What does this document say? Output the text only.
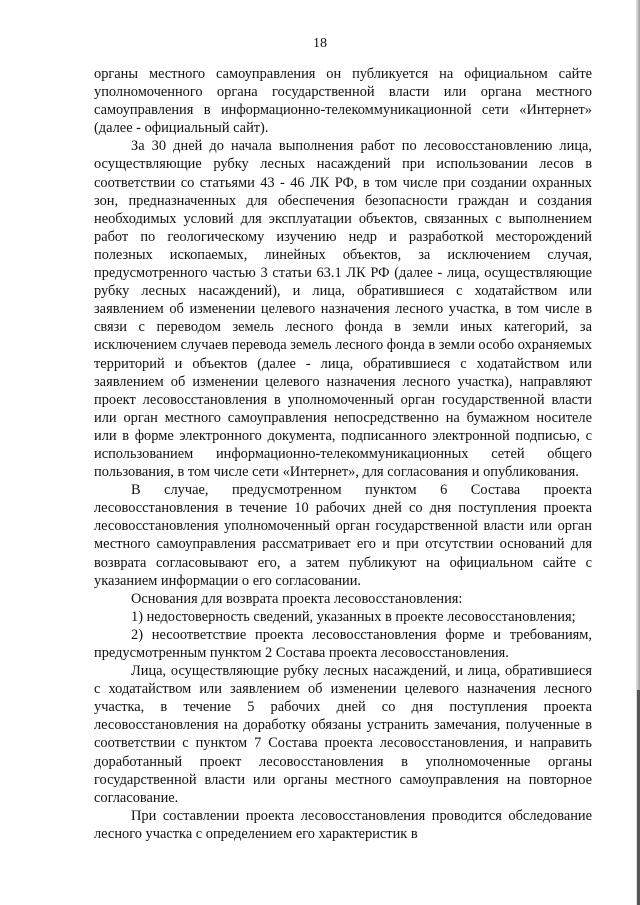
18

органы местного самоуправления он публикуется на официальном сайте уполномоченного органа государственной власти или органа местного самоуправления в информационно-телекоммуникационной сети «Интернет» (далее - официальный сайт).

За 30 дней до начала выполнения работ по лесовосстановлению лица, осуществляющие рубку лесных насаждений при использовании лесов в соответствии со статьями 43 - 46 ЛК РФ, в том числе при создании охранных зон, предназначенных для обеспечения безопасности граждан и создания необходимых условий для эксплуатации объектов, связанных с выполнением работ по геологическому изучению недр и разработкой месторождений полезных ископаемых, линейных объектов, за исключением случая, предусмотренного частью 3 статьи 63.1 ЛК РФ (далее - лица, осуществляющие рубку лесных насаждений), и лица, обратившиеся с ходатайством или заявлением об изменении целевого назначения лесного участка, в том числе в связи с переводом земель лесного фонда в земли иных категорий, за исключением случаев перевода земель лесного фонда в земли особо охраняемых территорий и объектов (далее - лица, обратившиеся с ходатайством или заявлением об изменении целевого назначения лесного участка), направляют проект лесовосстановления в уполномоченный орган государственной власти или орган местного самоуправления непосредственно на бумажном носителе или в форме электронного документа, подписанного электронной подписью, с использованием информационно-телекоммуникационных сетей общего пользования, в том числе сети «Интернет», для согласования и опубликования.

В случае, предусмотренном пунктом 6 Состава проекта лесовосстановления в течение 10 рабочих дней со дня поступления проекта лесовосстановления уполномоченный орган государственной власти или орган местного самоуправления рассматривает его и при отсутствии оснований для возврата согласовывают его, а затем публикуют на официальном сайте с указанием информации о его согласовании.

Основания для возврата проекта лесовосстановления:

1) недостоверность сведений, указанных в проекте лесовосстановления;

2) несоответствие проекта лесовосстановления форме и требованиям, предусмотренным пунктом 2 Состава проекта лесовосстановления.

Лица, осуществляющие рубку лесных насаждений, и лица, обратившиеся с ходатайством или заявлением об изменении целевого назначения лесного участка, в течение 5 рабочих дней со дня поступления проекта лесовосстановления на доработку обязаны устранить замечания, полученные в соответствии с пунктом 7 Состава проекта лесовосстановления, и направить доработанный проект лесовосстановления в уполномоченные органы государственной власти или органы местного самоуправления на повторное согласование.

При составлении проекта лесовосстановления проводится обследование лесного участка с определением его характеристик в
